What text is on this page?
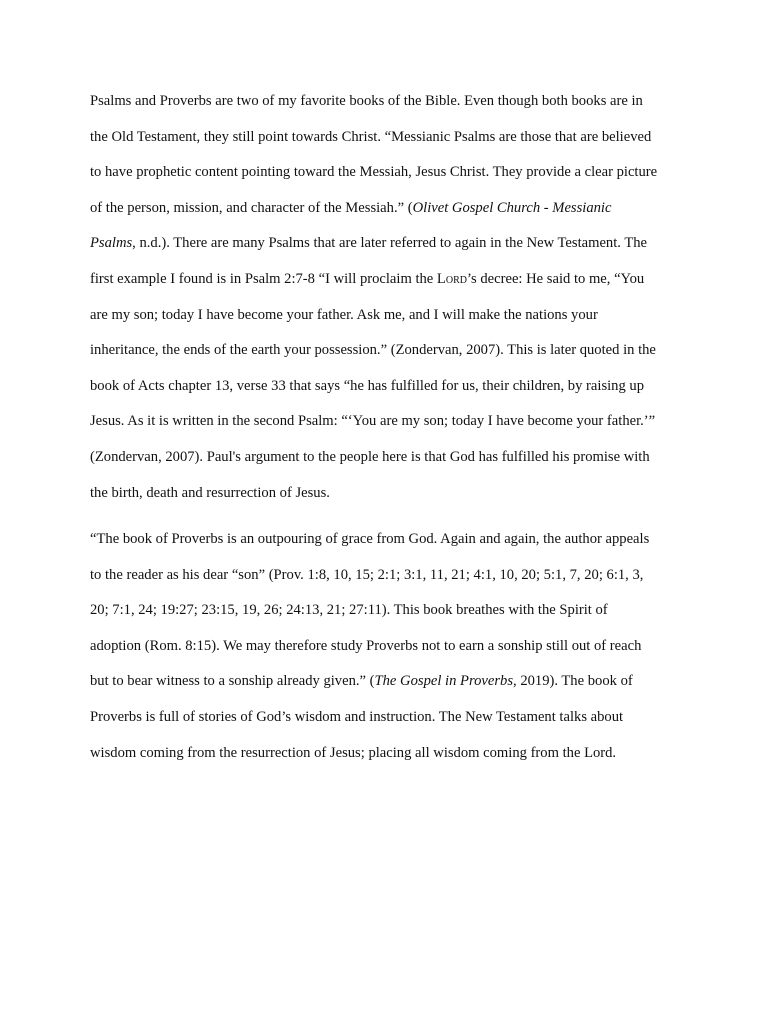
Psalms and Proverbs are two of my favorite books of the Bible. Even though both books are in
the Old Testament, they still point towards Christ. “Messianic Psalms are those that are believed
to have prophetic content pointing toward the Messiah, Jesus Christ. They provide a clear picture
of the person, mission, and character of the Messiah.” (Olivet Gospel Church - Messianic
Psalms, n.d.). There are many Psalms that are later referred to again in the New Testament. The
first example I found is in Psalm 2:7-8 “I will proclaim the Lord’s decree: He said to me, “You
are my son; today I have become your father. Ask me, and I will make the nations your
inheritance, the ends of the earth your possession.” (Zondervan, 2007). This is later quoted in the
book of Acts chapter 13, verse 33 that says “he has fulfilled for us, their children, by raising up
Jesus. As it is written in the second Psalm: “‘You are my son; today I have become your father.’”
(Zondervan, 2007). Paul's argument to the people here is that God has fulfilled his promise with
the birth, death and resurrection of Jesus.
“The book of Proverbs is an outpouring of grace from God. Again and again, the author appeals
to the reader as his dear “son” (Prov. 1:8, 10, 15; 2:1; 3:1, 11, 21; 4:1, 10, 20; 5:1, 7, 20; 6:1, 3,
20; 7:1, 24; 19:27; 23:15, 19, 26; 24:13, 21; 27:11). This book breathes with the Spirit of
adoption (Rom. 8:15). We may therefore study Proverbs not to earn a sonship still out of reach
but to bear witness to a sonship already given.” (The Gospel in Proverbs, 2019). The book of
Proverbs is full of stories of God’s wisdom and instruction. The New Testament talks about
wisdom coming from the resurrection of Jesus; placing all wisdom coming from the Lord.
